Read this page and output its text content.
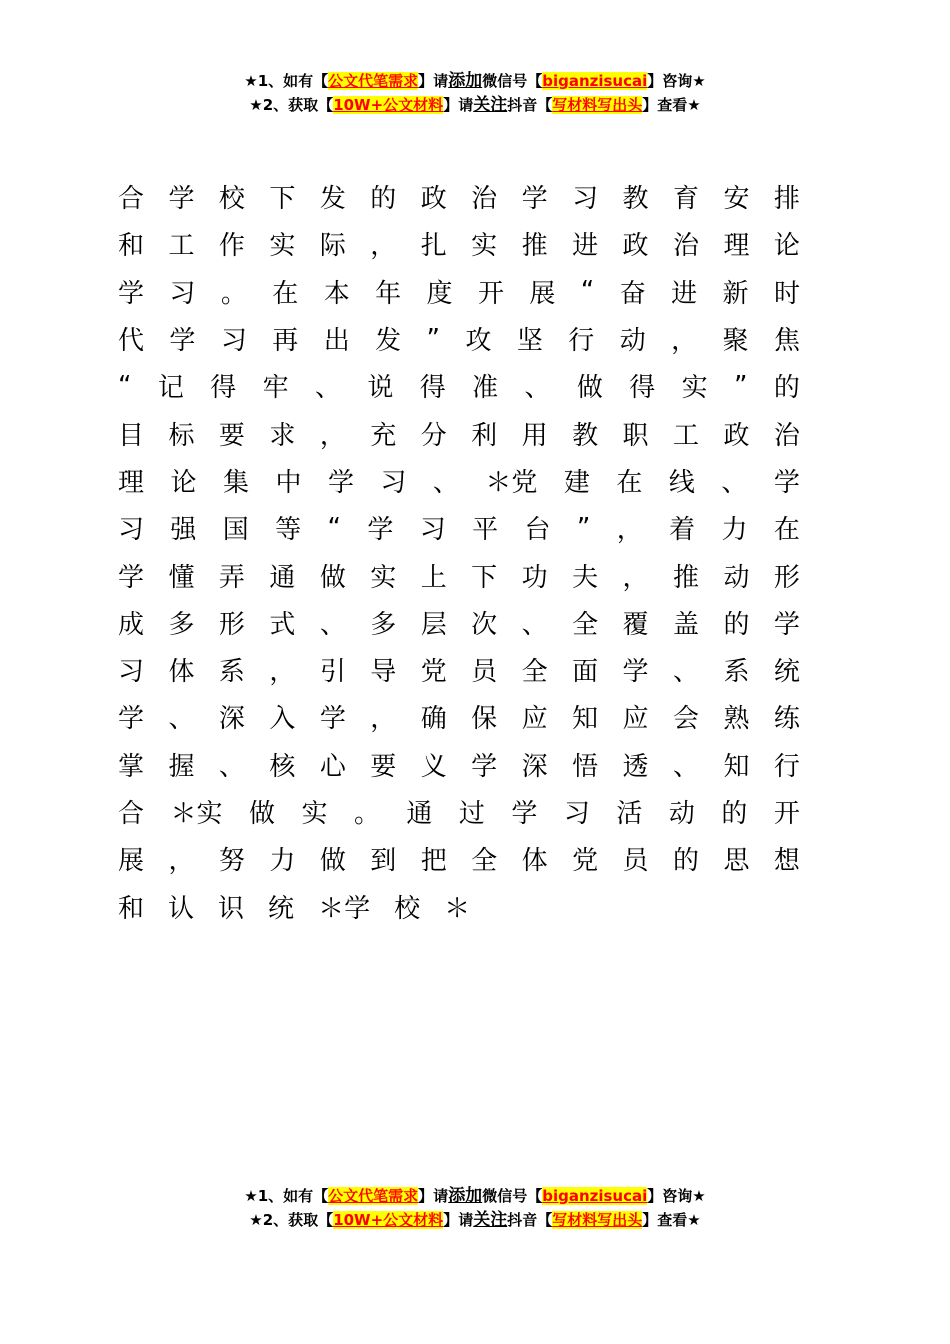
★1、如有【公文代笔需求】请添加微信号【biganzisucai】咨询★
★2、获取【10W+公文材料】请关注抖音【写材料写出头】查看★
合 学 校 下 发 的 政 治 学 习 教 育 安 排
和 工 作 实 际 ， 扎 实 推 进 政 治 理 论
学 习 。 在 本 年 度 开 展 “ 奋 进 新 时
代 学 习 再 出 发 ” 攻 坚 行 动 ， 聚 焦
“ 记 得 牢 、 说 得 准 、 做 得 实 ” 的
目 标 要 求 ， 充 分 利 用 教 职 工 政 治
理 论 集 中 学 习 、 ＊党 建 在 线 、 学
习 强 国 等 “ 学 习 平 台 ” ， 着 力 在
学 懂 弄 通 做 实 上 下 功 夫 ， 推 动 形
成 多 形 式 、 多 层 次 、 全 覆 盖 的 学
习 体 系 ， 引 导 党 员 全 面 学 、 系 统
学 、 深 入 学 ， 确 保 应 知 应 会 熟 练
掌 握 、 核 心 要 义 学 深 悟 透 、 知 行
合 ＊实 做 实 。 通 过 学 习 活 动 的 开
展 ， 努 力 做 到 把 全 体 党 员 的 思 想
和 认 识 统 ＊学 校 ＊
★1、如有【公文代笔需求】请添加微信号【biganzisucai】咨询★
★2、获取【10W+公文材料】请关注抖音【写材料写出头】查看★
